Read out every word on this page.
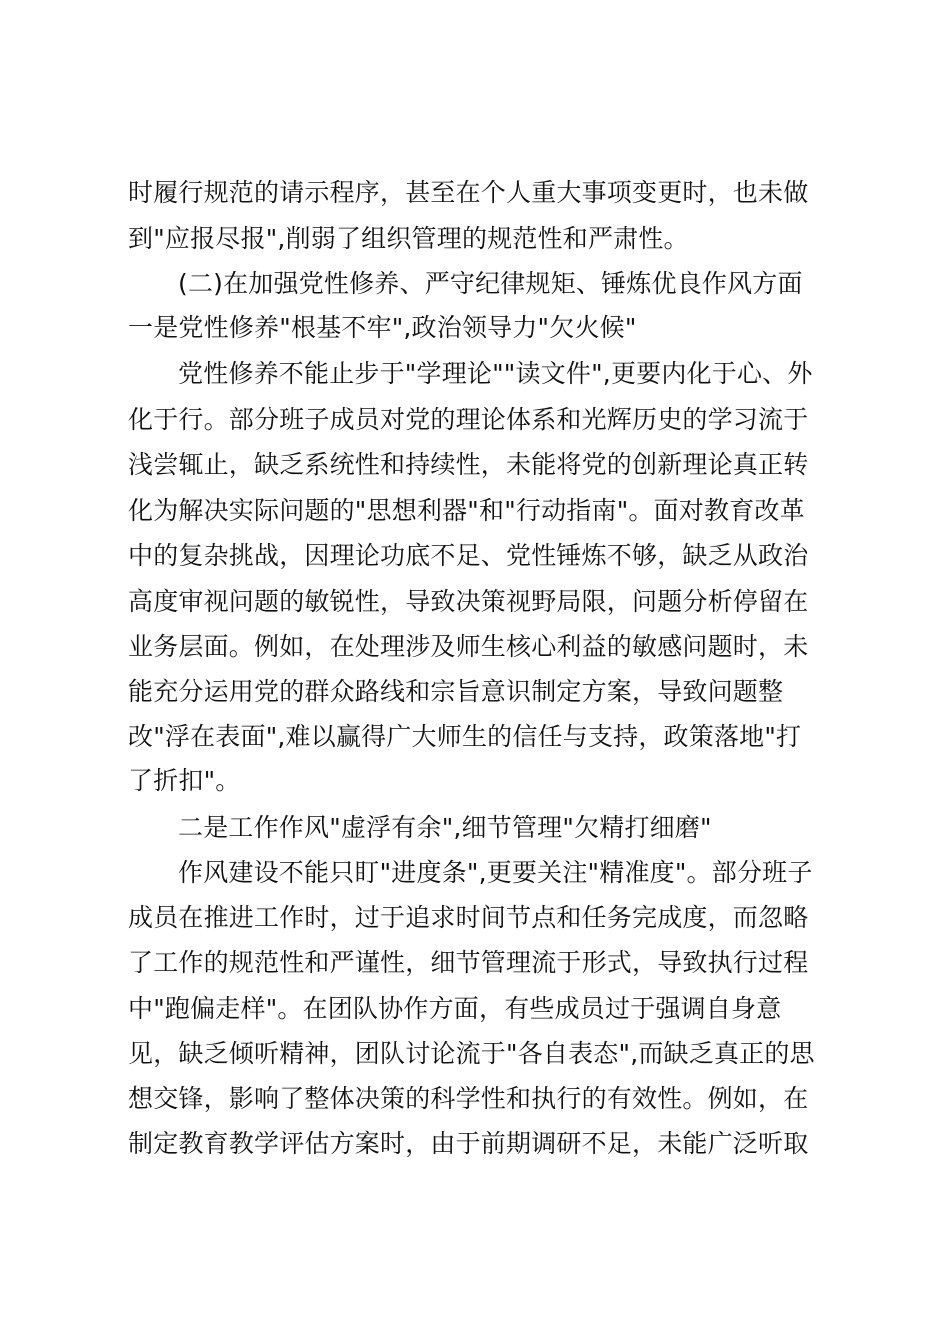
时履行规范的请示程序，甚至在个人重大事项变更时，也未做
到"应报尽报",削弱了组织管理的规范性和严肃性。
(二)在加强党性修养、严守纪律规矩、锤炼优良作风方面
一是党性修养"根基不牢",政治领导力"欠火候"
党性修养不能止步于"学理论""读文件",更要内化于心、外
化于行。部分班子成员对党的理论体系和光辉历史的学习流于
浅尝辄止，缺乏系统性和持续性，未能将党的创新理论真正转
化为解决实际问题的"思想利器"和"行动指南"。面对教育改革
中的复杂挑战，因理论功底不足、党性锤炼不够，缺乏从政治
高度审视问题的敏锐性，导致决策视野局限，问题分析停留在
业务层面。例如，在处理涉及师生核心利益的敏感问题时，未
能充分运用党的群众路线和宗旨意识制定方案，导致问题整
改"浮在表面",难以赢得广大师生的信任与支持，政策落地"打
了折扣"。
二是工作作风"虚浮有余",细节管理"欠精打细磨"
作风建设不能只盯"进度条",更要关注"精准度"。部分班子
成员在推进工作时，过于追求时间节点和任务完成度，而忽略
了工作的规范性和严谨性，细节管理流于形式，导致执行过程
中"跑偏走样"。在团队协作方面，有些成员过于强调自身意
见，缺乏倾听精神，团队讨论流于"各自表态",而缺乏真正的思
想交锋，影响了整体决策的科学性和执行的有效性。例如，在
制定教育教学评估方案时，由于前期调研不足，未能广泛听取
